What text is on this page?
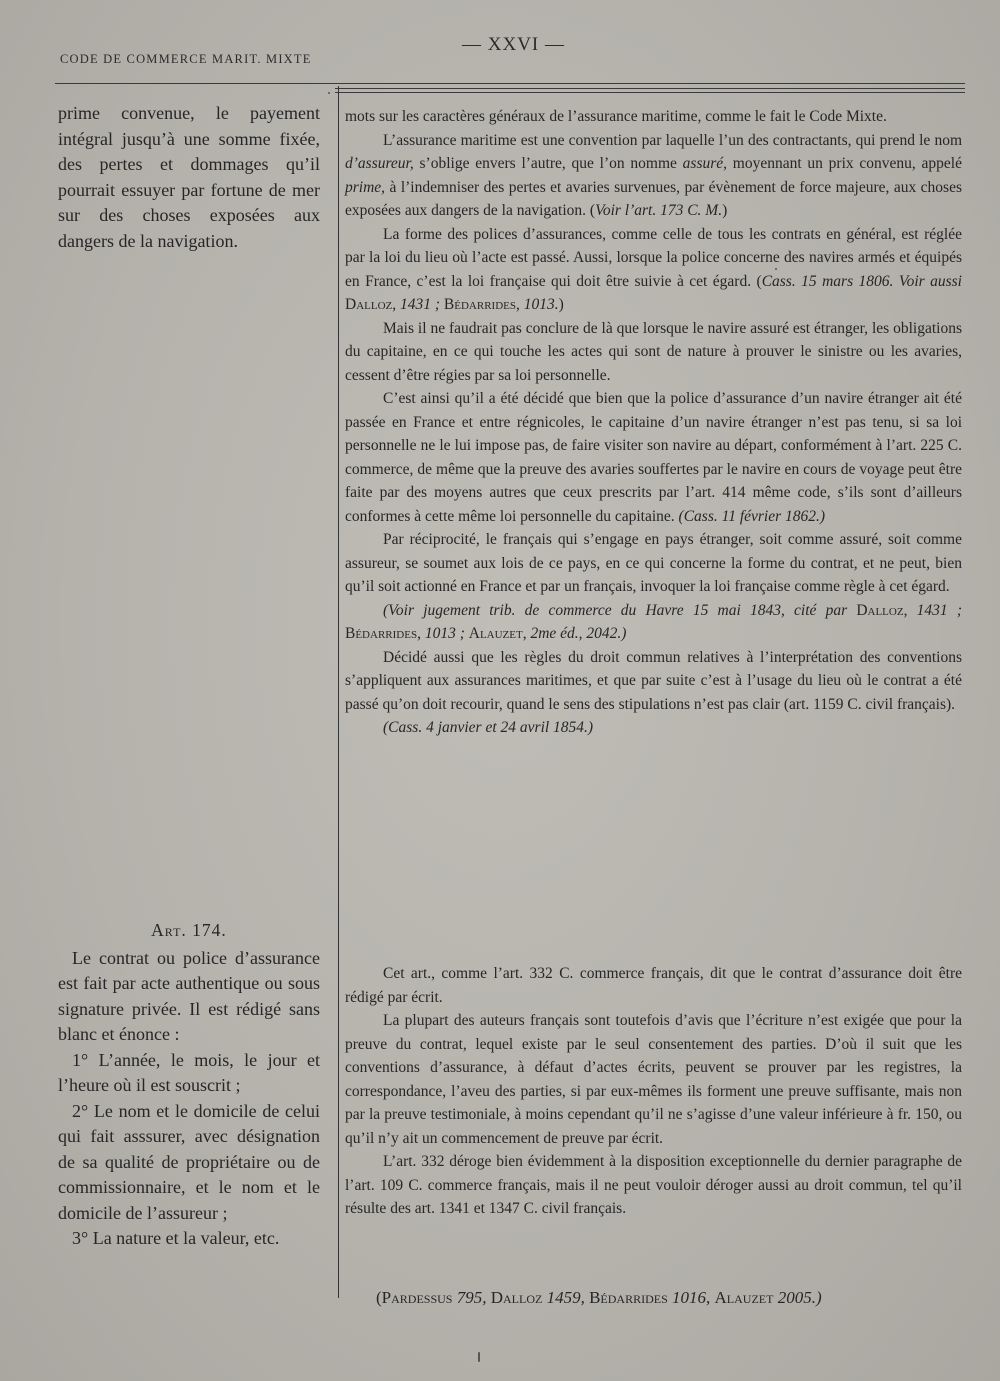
CODE DE COMMERCE MARIT. MIXTE
— XXVI —
prime convenue, le payement intégral jusqu’à une somme fixée, des pertes et dommages qu’il pourrait essuyer par fortune de mer sur des choses exposées aux dangers de la navigation.
Art. 174.

Le contrat ou police d’assurance est fait par acte authentique ou sous signature privée. Il est rédigé sans blanc et énonce :

1° L’année, le mois, le jour et l’heure où il est souscrit ;

2° Le nom et le domicile de celui qui fait asssurer, avec désignation de sa qualité de propriétaire ou de commissionnaire, et le nom et le domicile de l’assureur ;

3° La nature et la valeur, etc.

mots sur les caractères généraux de l’assurance maritime, comme le fait le Code Mixte.

L’assurance maritime est une convention par laquelle l’un des contractants, qui prend le nom d’assureur, s’oblige envers l’autre, que l’on nomme assuré, moyennant un prix convenu, appelé prime, à l’indemniser des pertes et avaries survenues, par évènement de force majeure, aux choses exposées aux dangers de la navigation. (Voir l’art. 173 C. M.)

La forme des polices d’assurances, comme celle de tous les contrats en général, est réglée par la loi du lieu où l’acte est passé. Aussi, lorsque la police concerne des navires armés et équipés en France, c’est la loi française qui doit être suivie à cet égard. (Cass. 15 mars 1806. Voir aussi Dalloz, 1431 ; Bédarrides, 1013.)

Mais il ne faudrait pas conclure de là que lorsque le navire assuré est étranger, les obligations du capitaine, en ce qui touche les actes qui sont de nature à prouver le sinistre ou les avaries, cessent d’être régies par sa loi personnelle.

C’est ainsi qu’il a été décidé que bien que la police d’assurance d’un navire étranger ait été passée en France et entre régnicoles, le capitaine d’un navire étranger n’est pas tenu, si sa loi personnelle ne le lui impose pas, de faire visiter son navire au départ, conformément à l’art. 225 C. commerce, de même que la preuve des avaries souffertes par le navire en cours de voyage peut être faite par des moyens autres que ceux prescrits par l’art. 414 même code, s’ils sont d’ailleurs conformes à cette même loi personnelle du capitaine. (Cass. 11 février 1862.)

Par réciprocité, le français qui s’engage en pays étranger, soit comme assuré, soit comme assureur, se soumet aux lois de ce pays, en ce qui concerne la forme du contrat, et ne peut, bien qu’il soit actionné en France et par un français, invoquer la loi française comme règle à cet égard.

(Voir jugement trib. de commerce du Havre 15 mai 1843, cité par Dalloz, 1431 ; Bédarrides, 1013 ; Alauzet, 2me éd., 2042.)

Décidé aussi que les règles du droit commun relatives à l’interprétation des conventions s’appliquent aux assurances maritimes, et que par suite c’est à l’usage du lieu où le contrat a été passé qu’on doit recourir, quand le sens des stipulations n’est pas clair (art. 1159 C. civil français).

(Cass. 4 janvier et 24 avril 1854.)

Cet art., comme l’art. 332 C. commerce français, dit que le contrat d’assurance doit être rédigé par écrit.

La plupart des auteurs français sont toutefois d’avis que l’écriture n’est exigée que pour la preuve du contrat, lequel existe par le seul consentement des parties. D’où il suit que les conventions d’assurance, à défaut d’actes écrits, peuvent se prouver par les registres, la correspondance, l’aveu des parties, si par eux-mêmes ils forment une preuve suffisante, mais non par la preuve testimoniale, à moins cependant qu’il ne s’agisse d’une valeur inférieure à fr. 150, ou qu’il n’y ait un commencement de preuve par écrit.

L’art. 332 déroge bien évidemment à la disposition exceptionnelle du dernier paragraphe de l’art. 109 C. commerce français, mais il ne peut vouloir déroger aussi au droit commun, tel qu’il résulte des art. 1341 et 1347 C. civil français.

(Pardessus 795, Dalloz 1459, Bédarrides 1016, Alauzet 2005.)
